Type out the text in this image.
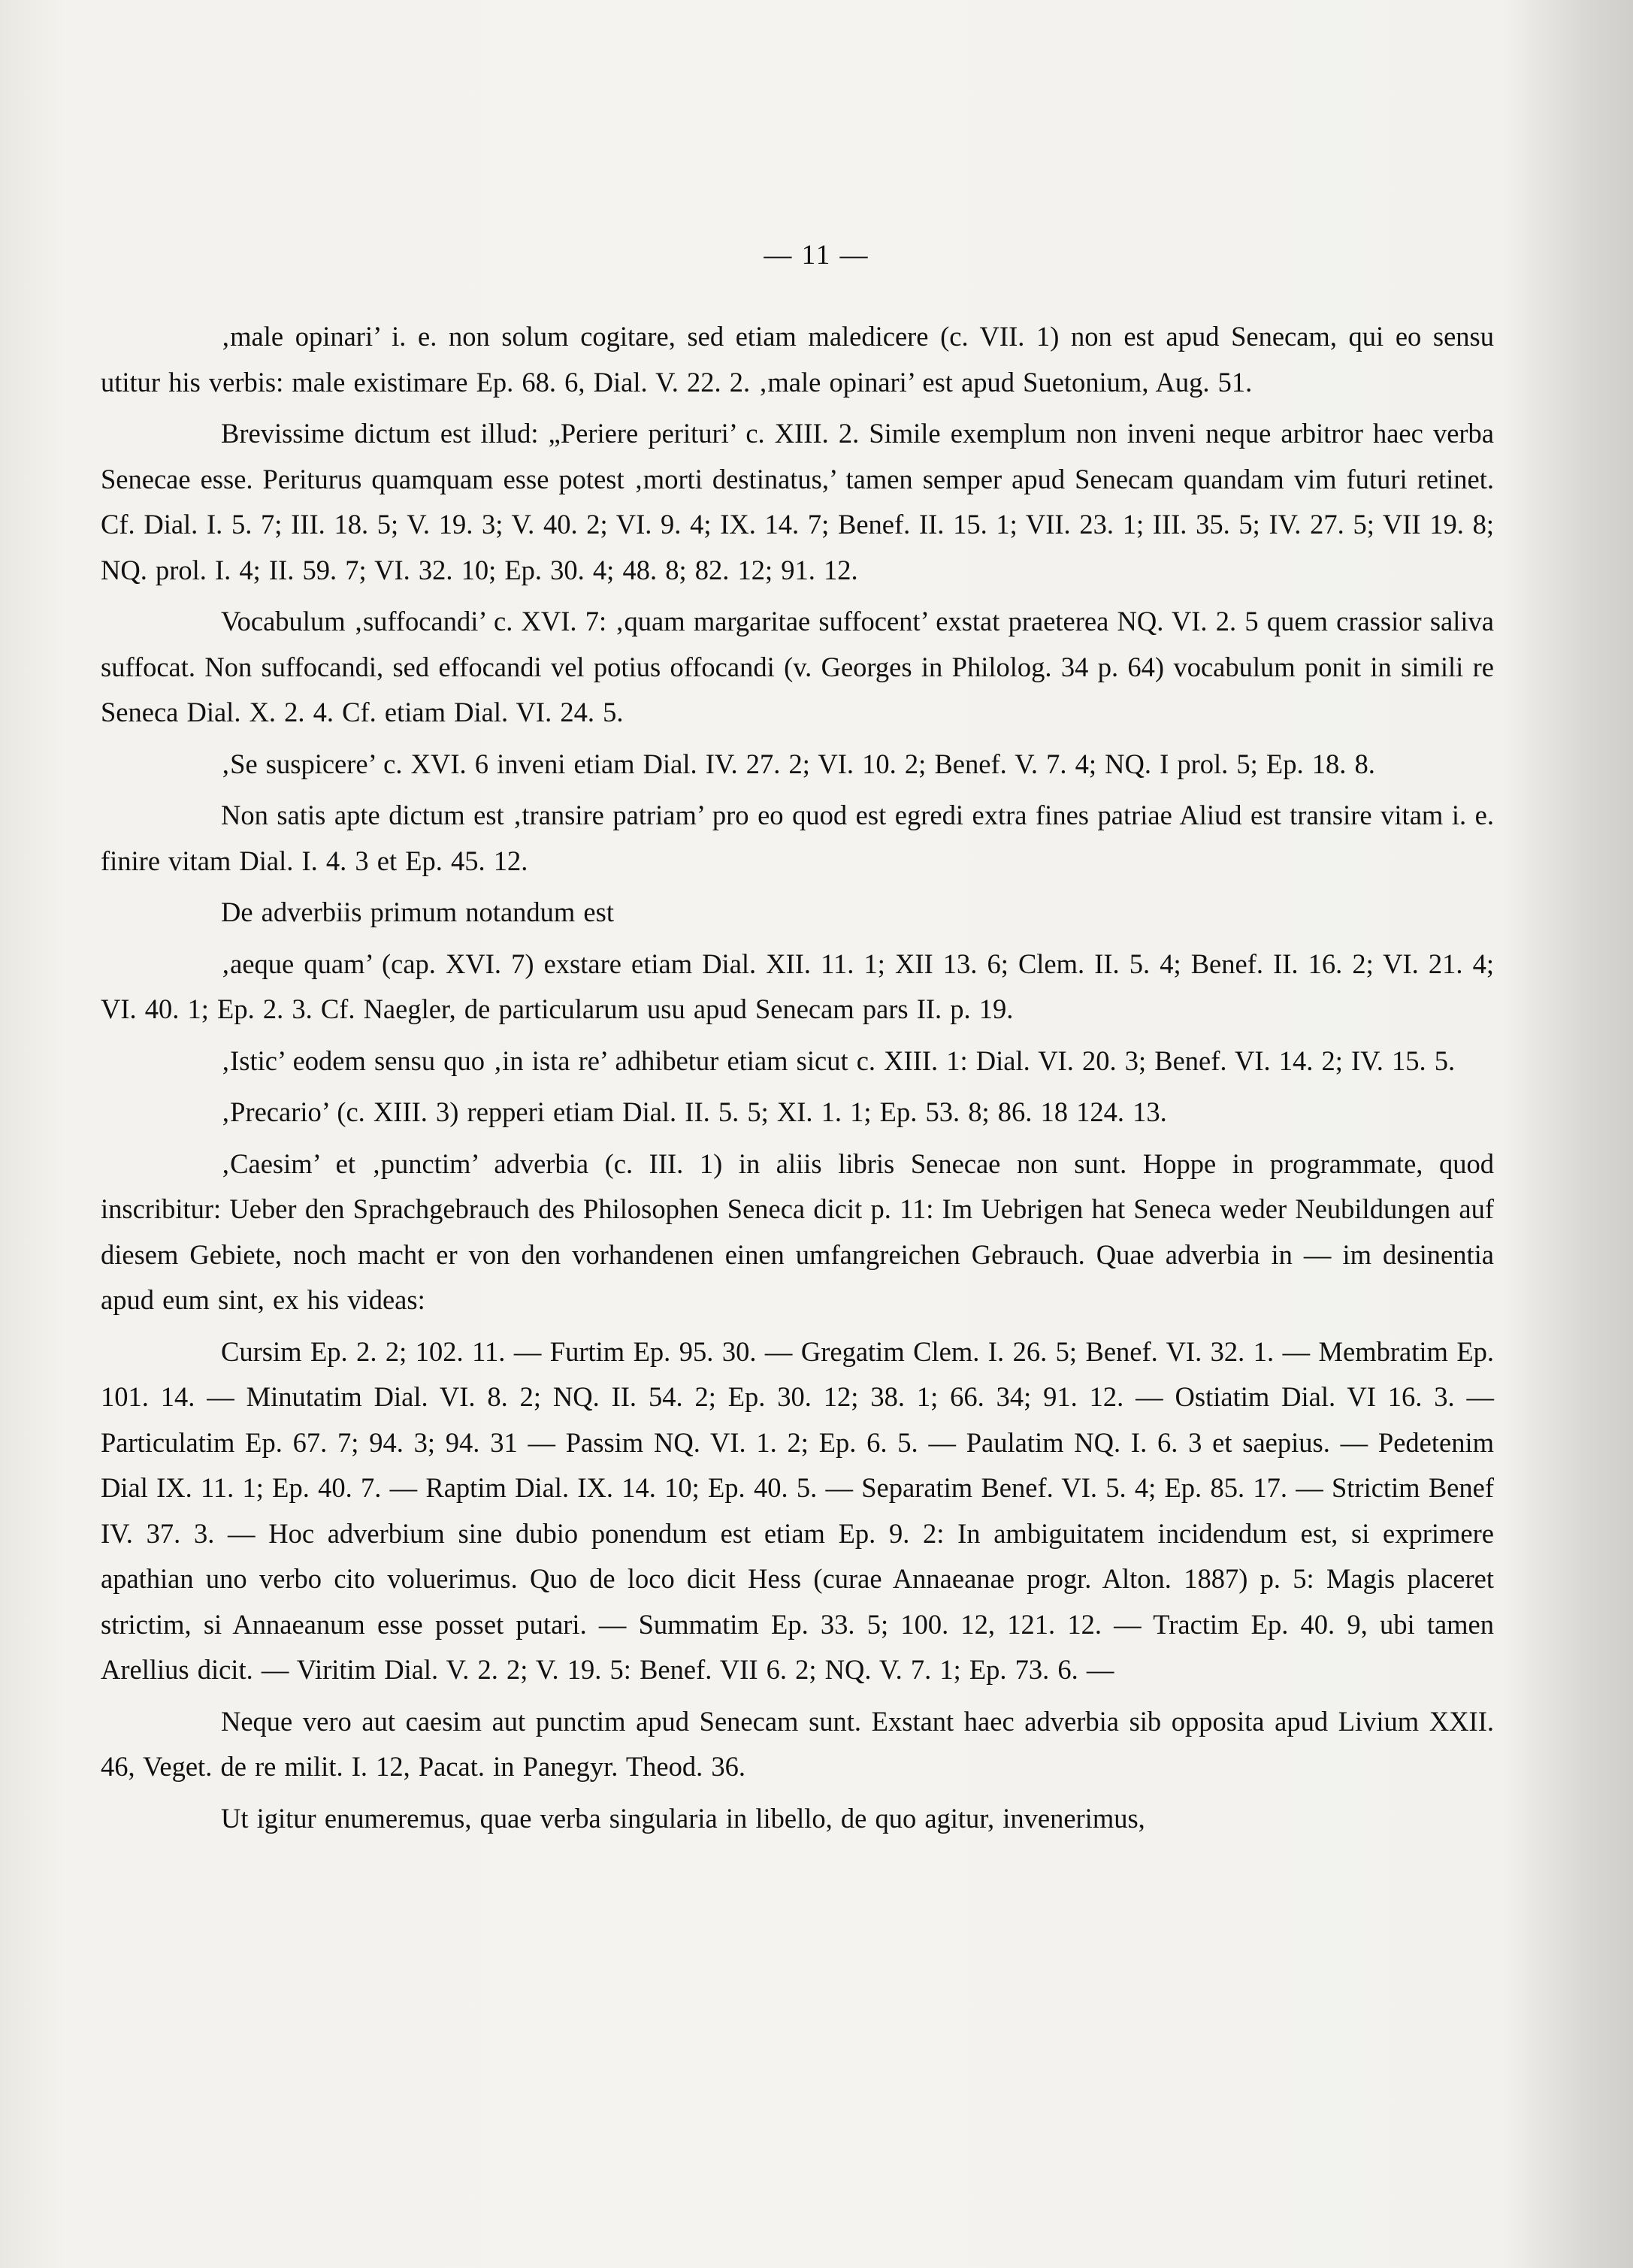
— 11 —

‚male opinari’ i. e. non solum cogitare, sed etiam maledicere (c. VII. 1) non est apud Senecam, qui eo sensu utitur his verbis: male existimare Ep. 68. 6, Dial. V. 22. 2. ‚male opinari’ est apud Suetonium, Aug. 51.

Brevissime dictum est illud: „Periere perituri’ c. XIII. 2. Simile exemplum non inveni neque arbitror haec verba Senecae esse. Periturus quamquam esse potest ‚morti destinatus,’ tamen semper apud Senecam quandam vim futuri retinet. Cf. Dial. I. 5. 7; III. 18. 5; V. 19. 3; V. 40. 2; VI. 9. 4; IX. 14. 7; Benef. II. 15. 1; VII. 23. 1; III. 35. 5; IV. 27. 5; VII 19. 8; NQ. prol. I. 4; II. 59. 7; VI. 32. 10; Ep. 30. 4; 48. 8; 82. 12; 91. 12.

Vocabulum ‚suffocandi’ c. XVI. 7: ‚quam margaritae suffocent’ exstat praeterea NQ. VI. 2. 5 quem crassior saliva suffocat. Non suffocandi, sed effocandi vel potius offocandi (v. Georges in Philolog. 34 p. 64) vocabulum ponit in simili re Seneca Dial. X. 2. 4. Cf. etiam Dial. VI. 24. 5.

‚Se suspicere’ c. XVI. 6 inveni etiam Dial. IV. 27. 2; VI. 10. 2; Benef. V. 7. 4; NQ. I prol. 5; Ep. 18. 8.

Non satis apte dictum est ‚transire patriam’ pro eo quod est egredi extra fines patriae Aliud est transire vitam i. e. finire vitam Dial. I. 4. 3 et Ep. 45. 12.

De adverbiis primum notandum est

‚aeque quam’ (cap. XVI. 7) exstare etiam Dial. XII. 11. 1; XII 13. 6; Clem. II. 5. 4; Benef. II. 16. 2; VI. 21. 4; VI. 40. 1; Ep. 2. 3. Cf. Naegler, de particularum usu apud Senecam pars II. p. 19.

‚Istic’ eodem sensu quo ‚in ista re’ adhibetur etiam sicut c. XIII. 1: Dial. VI. 20. 3; Benef. VI. 14. 2; IV. 15. 5.

‚Precario’ (c. XIII. 3) repperi etiam Dial. II. 5. 5; XI. 1. 1; Ep. 53. 8; 86. 18 124. 13.

‚Caesim’ et ‚punctim’ adverbia (c. III. 1) in aliis libris Senecae non sunt. Hoppe in programmate, quod inscribitur: Ueber den Sprachgebrauch des Philosophen Seneca dicit p. 11: Im Uebrigen hat Seneca weder Neubildungen auf diesem Gebiete, noch macht er von den vorhandenen einen umfangreichen Gebrauch. Quae adverbia in — im desinentia apud eum sint, ex his videas:

Cursim Ep. 2. 2; 102. 11. — Furtim Ep. 95. 30. — Gregatim Clem. I. 26. 5; Benef. VI. 32. 1. — Membratim Ep. 101. 14. — Minutatim Dial. VI. 8. 2; NQ. II. 54. 2; Ep. 30. 12; 38. 1; 66. 34; 91. 12. — Ostiatim Dial. VI 16. 3. — Particulatim Ep. 67. 7; 94. 3; 94. 31 — Passim NQ. VI. 1. 2; Ep. 6. 5. — Paulatim NQ. I. 6. 3 et saepius. — Pedetenim Dial IX. 11. 1; Ep. 40. 7. — Raptim Dial. IX. 14. 10; Ep. 40. 5. — Separatim Benef. VI. 5. 4; Ep. 85. 17. — Strictim Benef IV. 37. 3. — Hoc adverbium sine dubio ponendum est etiam Ep. 9. 2: In ambiguitatem incidendum est, si exprimere apathian uno verbo cito voluerimus. Quo de loco dicit Hess (curae Annaeanae progr. Alton. 1887) p. 5: Magis placeret strictim, si Annaeanum esse posset putari. — Summatim Ep. 33. 5; 100. 12, 121. 12. — Tractim Ep. 40. 9, ubi tamen Arellius dicit. — Viritim Dial. V. 2. 2; V. 19. 5: Benef. VII 6. 2; NQ. V. 7. 1; Ep. 73. 6. —

Neque vero aut caesim aut punctim apud Senecam sunt. Exstant haec adverbia sib opposita apud Livium XXII. 46, Veget. de re milit. I. 12, Pacat. in Panegyr. Theod. 36.

Ut igitur enumeremus, quae verba singularia in libello, de quo agitur, invenerimus,
